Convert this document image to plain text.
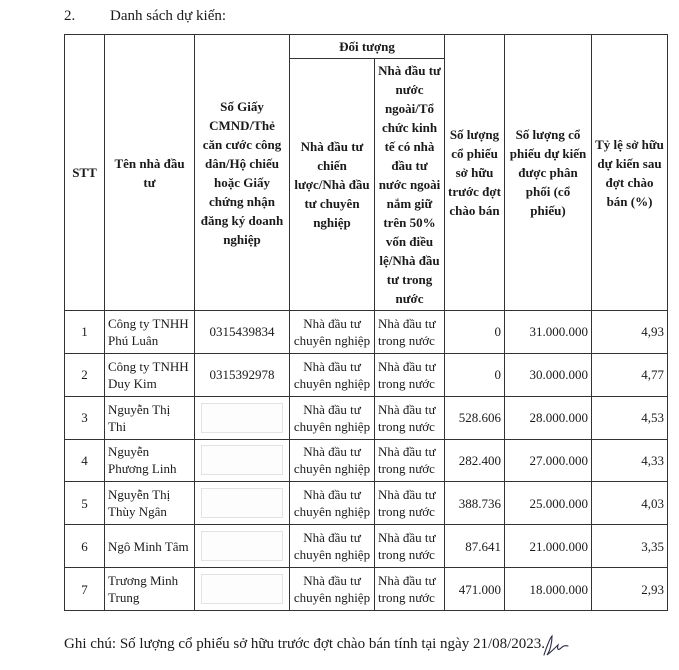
2. Danh sách dự kiến:
STT	Tên nhà đầu tư	Số Giấy CMND/Thẻ căn cước công dân/Hộ chiếu hoặc Giấy chứng nhận đăng ký doanh nghiệp	Đối tượng		Số lượng cổ phiếu sở hữu trước đợt chào bán	Số lượng cổ phiếu dự kiến được phân phối (cổ phiếu)	Tỷ lệ sở hữu dự kiến sau đợt chào bán (%)
			Nhà đầu tư chiến lược/Nhà đầu tư chuyên nghiệp	Nhà đầu tư nước ngoài/Tổ chức kinh tế có nhà đầu tư nước ngoài nắm giữ trên 50% vốn điều lệ/Nhà đầu tư trong nước			
1	Công ty TNHH Phú Luân	0315439834	Nhà đầu tư chuyên nghiệp	Nhà đầu tư trong nước	0	31.000.000	4,93
2	Công ty TNHH Duy Kim	0315392978	Nhà đầu tư chuyên nghiệp	Nhà đầu tư trong nước	0	30.000.000	4,77
3	Nguyễn Thị Thi		Nhà đầu tư chuyên nghiệp	Nhà đầu tư trong nước	528.606	28.000.000	4,53
4	Nguyễn Phương Linh		Nhà đầu tư chuyên nghiệp	Nhà đầu tư trong nước	282.400	27.000.000	4,33
5	Nguyễn Thị Thùy Ngân		Nhà đầu tư chuyên nghiệp	Nhà đầu tư trong nước	388.736	25.000.000	4,03
6	Ngô Minh Tâm		Nhà đầu tư chuyên nghiệp	Nhà đầu tư trong nước	87.641	21.000.000	3,35
7	Trương Minh Trung		Nhà đầu tư chuyên nghiệp	Nhà đầu tư trong nước	471.000	18.000.000	2,93
Ghi chú: Số lượng cổ phiếu sở hữu trước đợt chào bán tính tại ngày 21/08/2023.
